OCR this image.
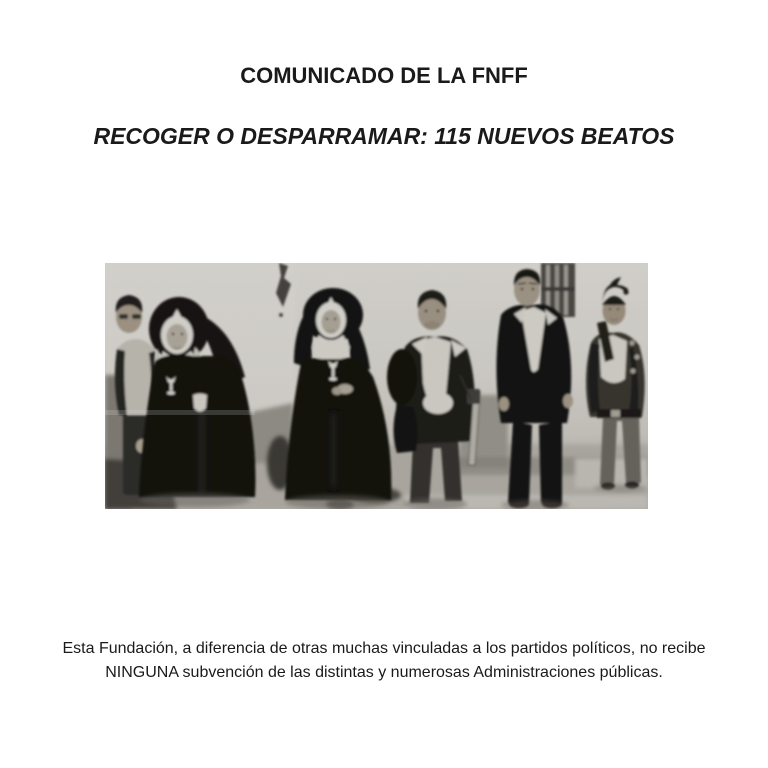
COMUNICADO DE LA FNFF
RECOGER O DESPARRAMAR: 115 NUEVOS BEATOS

Esta Fundación, a diferencia de otras muchas vinculadas a los partidos políticos, no recibe
NINGUNA subvención de las distintas y numerosas Administraciones públicas.
